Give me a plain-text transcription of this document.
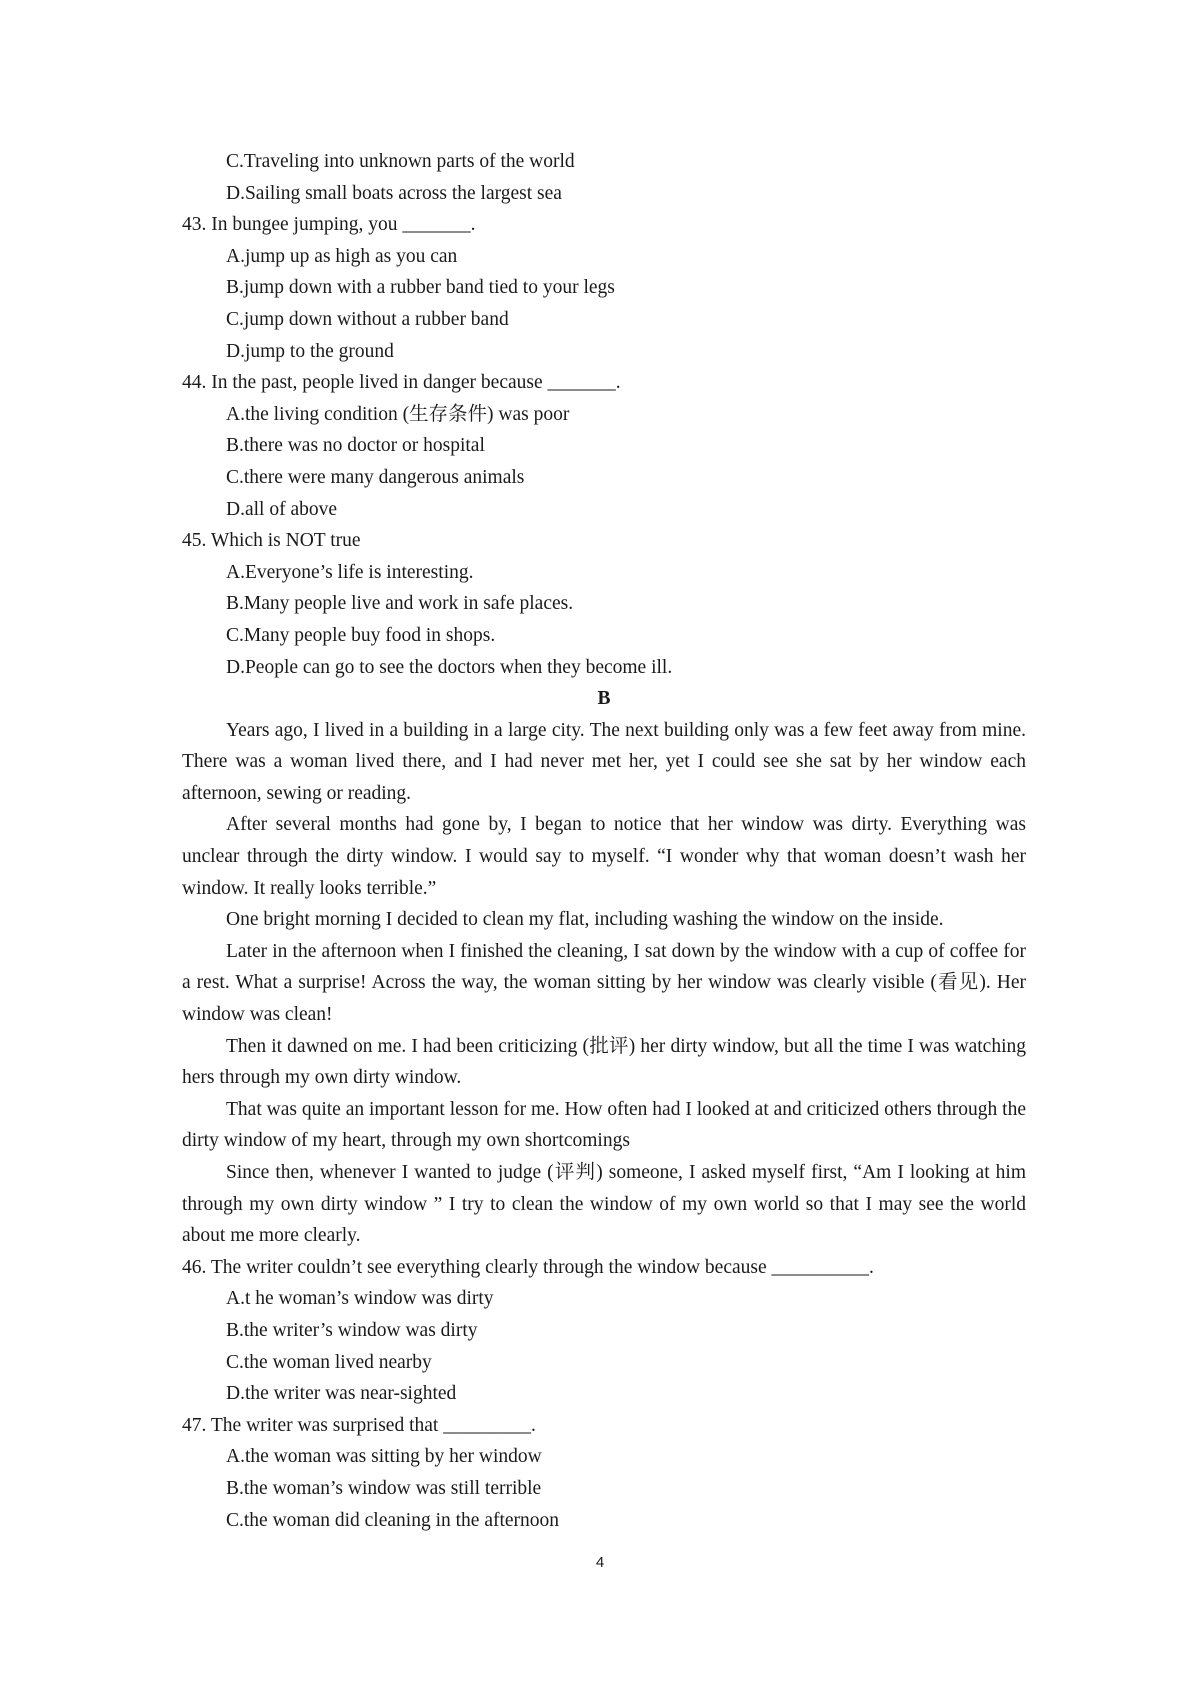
C.Traveling into unknown parts of the world
D.Sailing small boats across the largest sea
43. In bungee jumping, you _______.
A.jump up as high as you can
B.jump down with a rubber band tied to your legs
C.jump down without a rubber band
D.jump to the ground
44. In the past, people lived in danger because _______.
A.the living condition (生存条件) was poor
B.there was no doctor or hospital
C.there were many dangerous animals
D.all of above
45. Which is NOT true
A.Everyone’s life is interesting.
B.Many people live and work in safe places.
C.Many people buy food in shops.
D.People can go to see the doctors when they become ill.
B

Years ago, I lived in a building in a large city. The next building only was a few feet away from mine. There was a woman lived there, and I had never met her, yet I could see she sat by her window each afternoon, sewing or reading.

After several months had gone by, I began to notice that her window was dirty. Everything was unclear through the dirty window. I would say to myself. “I wonder why that woman doesn’t wash her window. It really looks terrible.”

One bright morning I decided to clean my flat, including washing the window on the inside.

Later in the afternoon when I finished the cleaning, I sat down by the window with a cup of coffee for a rest. What a surprise! Across the way, the woman sitting by her window was clearly visible (看见). Her window was clean!

Then it dawned on me. I had been criticizing (批评) her dirty window, but all the time I was watching hers through my own dirty window.

That was quite an important lesson for me. How often had I looked at and criticized others through the dirty window of my heart, through my own shortcomings

Since then, whenever I wanted to judge (评判) someone, I asked myself first, “Am I looking at him through my own dirty window ” I try to clean the window of my own world so that I may see the world about me more clearly.

46. The writer couldn’t see everything clearly through the window because __________.
A.t he woman’s window was dirty
B.the writer’s window was dirty
C.the woman lived nearby
D.the writer was near-sighted
47. The writer was surprised that _________.
A.the woman was sitting by her window
B.the woman’s window was still terrible
C.the woman did cleaning in the afternoon
4
